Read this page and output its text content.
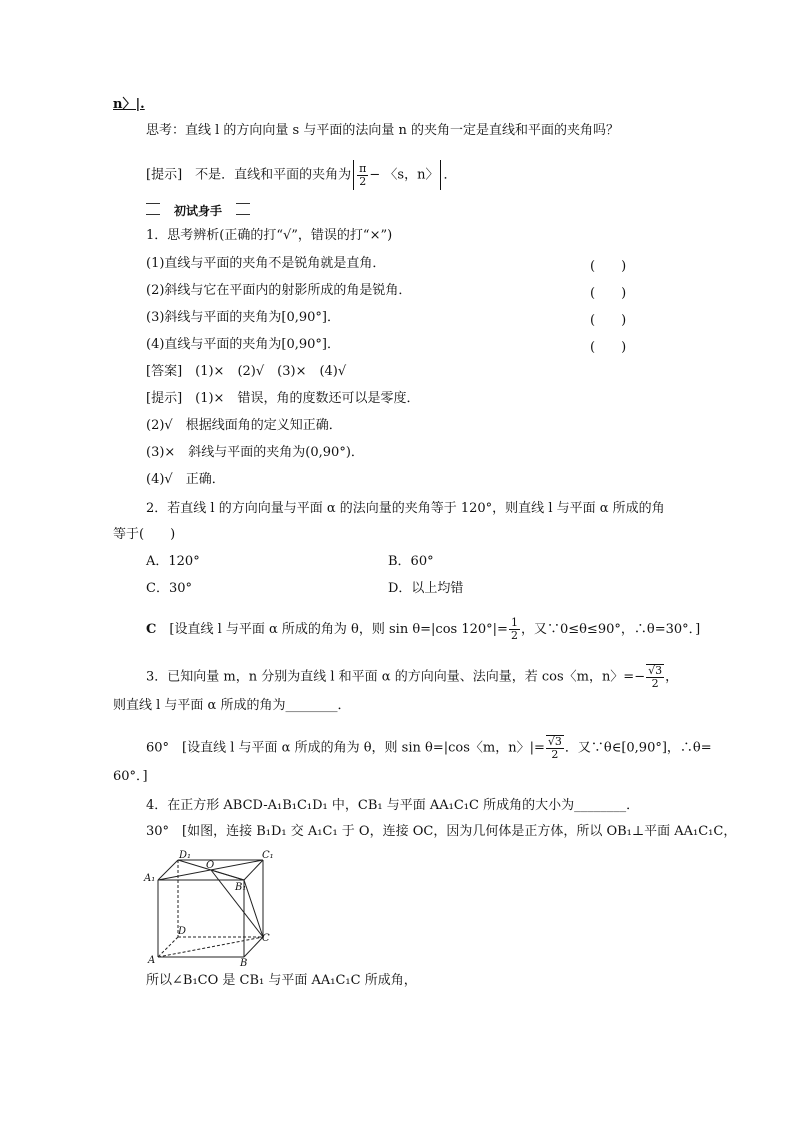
n〉|.
思考：直线 l 的方向向量 s 与平面的法向量 n 的夹角一定是直线和平面的夹角吗？
[提示]　不是．直线和平面的夹角为 $\frac{\pi}{2}$ − 〈s，n〉 ．
初试身手
1．思考辨析(正确的打“√”，错误的打“×”)
(1)直线与平面的夹角不是锐角就是直角．	(　　)
(2)斜线与它在平面内的射影所成的角是锐角．	(　　)
(3)斜线与平面的夹角为[0,90°]．	(　　)
(4)直线与平面的夹角为[0,90°]．	(　　)
[答案]　(1)×　(2)√　(3)×　(4)√
[提示]　(1)×　错误，角的度数还可以是零度．
(2)√　根据线面角的定义知正确．
(3)×　斜线与平面的夹角为(0,90°)．
(4)√　正确．
2．若直线 l 的方向向量与平面 α 的法向量的夹角等于 120°，则直线 l 与平面 α 所成的角
等于(　　)
A．120°	B．60°
C．30°	D．以上均错
C　 [设直线 l 与平面 α 所成的角为 θ，则 sin θ=|cos $120^\circ|= \frac{1}{2}$ ，又∵0≤θ≤90°，∴θ=30°．]
3．已知向量 m，n 分别为直线 l 和平面 α 的方向向量、法向量，若 cos〈m，n〉=− $\frac{√3}{2}$ ，
则直线 l 与平面 α 所成的角为________．
60°　[设直线 l 与平面 α 所成的角为 θ，则 sin θ=|cos〈m，n〉|= $\frac{√3}{2}$ ．又∵θ∈[0,90°]，∴θ=
60°．]
4．在正方形 ABCD-A₁B₁C₁D₁ 中，CB₁ 与平面 AA₁C₁C 所成角的大小为________．
30°　[如图，连接 B₁D₁ 交 A₁C₁ 于 O，连接 OC，因为几何体是正方体，所以 OB₁⊥平面 AA₁C₁C，
A₁
D₁
O
C₁
B₁
D
C
A	B
所以∠B₁CO 是 CB₁ 与平面 AA₁C₁C 所成角，
